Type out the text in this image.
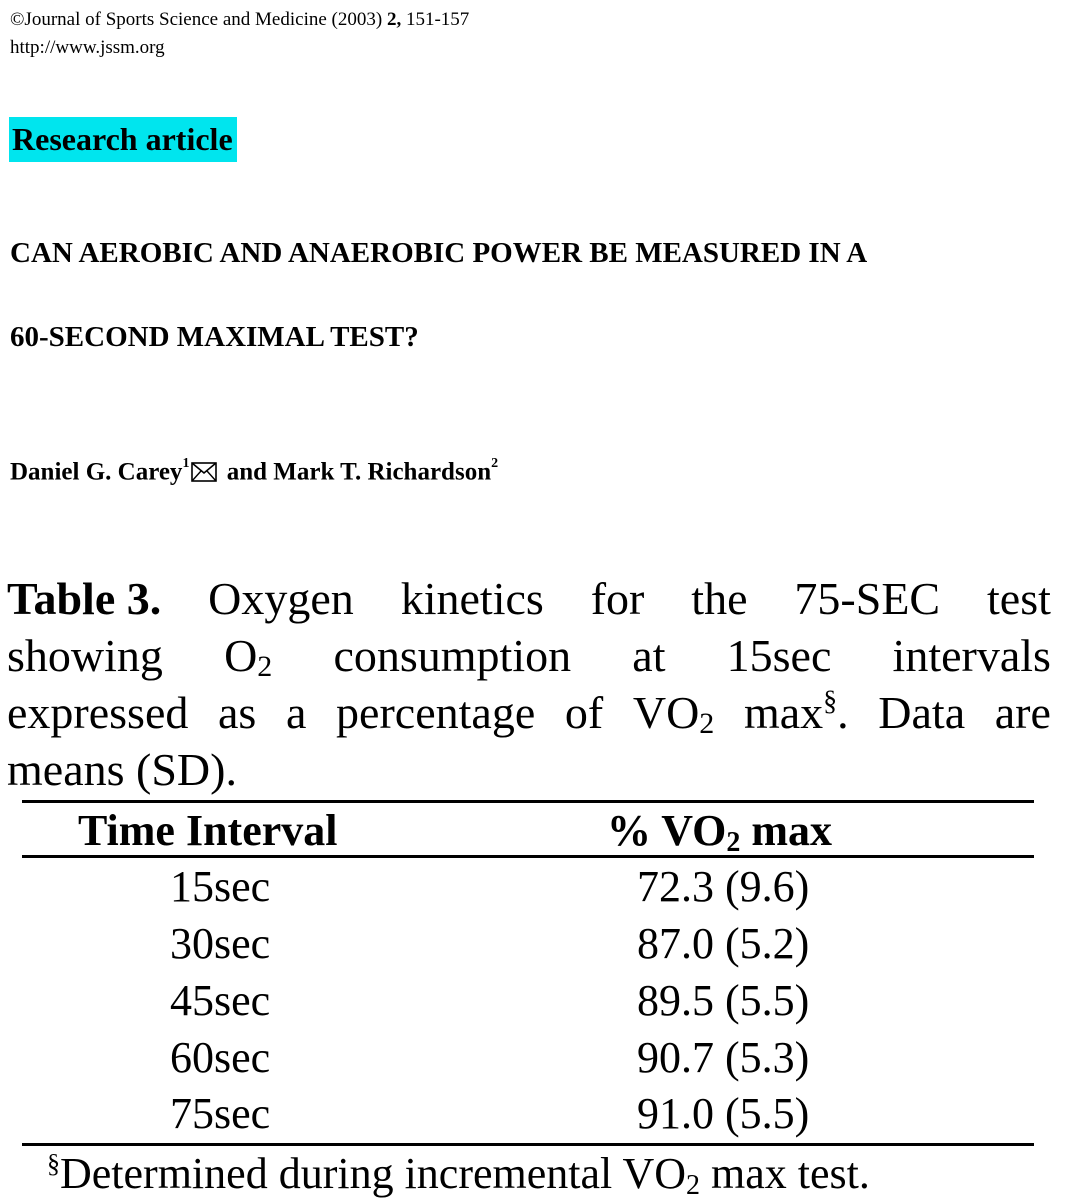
©Journal of Sports Science and Medicine (2003) 2, 151-157
http://www.jssm.org
Research article
CAN AEROBIC AND ANAEROBIC POWER BE MEASURED IN A
60-SECOND MAXIMAL TEST?
Daniel G. Carey$^1$ and Mark T. Richardson$^2$
Table 3. Oxygen kinetics for the 75-SEC test
showing $O_2$ consumption at 15sec intervals
expressed as a percentage of $VO_2$ max§. Data are
means (SD).
Time Interval	% $VO_2$ max
15sec	72.3 (9.6)
30sec	87.0 (5.2)
45sec	89.5 (5.5)
60sec	90.7 (5.3)
75sec	91.0 (5.5)
§Determined during incremental $VO_2$ max test.
